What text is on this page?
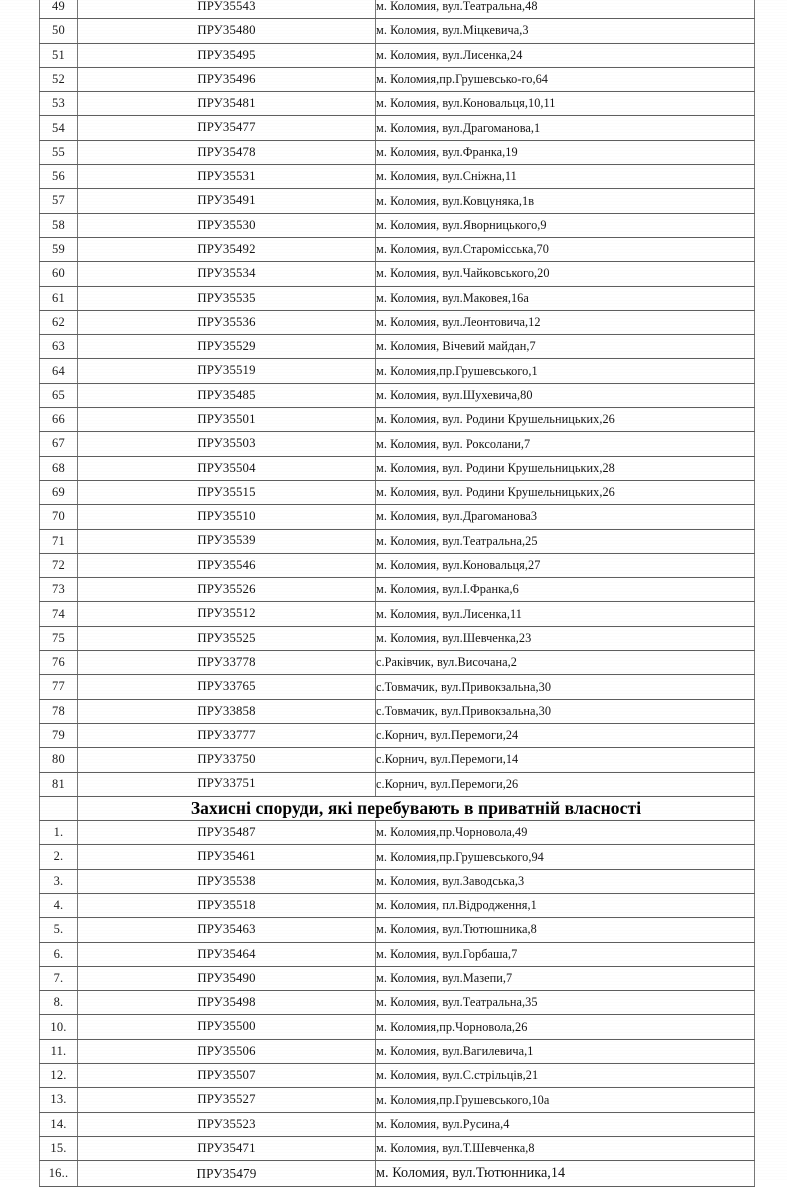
49	ПРУ35543	м. Коломия, вул.Театральна,48
50	ПРУ35480	м. Коломия, вул.Міцкевича,3
51	ПРУ35495	м. Коломия, вул.Лисенка,24
52	ПРУ35496	м. Коломия,пр.Грушевсько-го,64
53	ПРУ35481	м. Коломия, вул.Коновальця,10,11
54	ПРУ35477	м. Коломия, вул.Драгоманова,1
55	ПРУ35478	м. Коломия, вул.Франка,19
56	ПРУ35531	м. Коломия, вул.Сніжна,11
57	ПРУ35491	м. Коломия, вул.Ковцуняка,1в
58	ПРУ35530	м. Коломия, вул.Яворницького,9
59	ПРУ35492	м. Коломия, вул.Старомісська,70
60	ПРУ35534	м. Коломия, вул.Чайковського,20
61	ПРУ35535	м. Коломия, вул.Маковея,16а
62	ПРУ35536	м. Коломия, вул.Леонтовича,12
63	ПРУ35529	м. Коломия, Вічевий майдан,7
64	ПРУ35519	м. Коломия,пр.Грушевського,1
65	ПРУ35485	м. Коломия, вул.Шухевича,80
66	ПРУ35501	м. Коломия, вул. Родини Крушельницьких,26
67	ПРУ35503	м. Коломия, вул. Роксолани,7
68	ПРУ35504	м. Коломия, вул. Родини Крушельницьких,28
69	ПРУ35515	м. Коломия, вул. Родини Крушельницьких,26
70	ПРУ35510	м. Коломия, вул.Драгоманова3
71	ПРУ35539	м. Коломия, вул.Театральна,25
72	ПРУ35546	м. Коломия, вул.Коновальця,27
73	ПРУ35526	м. Коломия, вул.І.Франка,6
74	ПРУ35512	м. Коломия, вул.Лисенка,11
75	ПРУ35525	м. Коломия, вул.Шевченка,23
76	ПРУ33778	с.Раківчик, вул.Височана,2
77	ПРУ33765	с.Товмачик, вул.Привокзальна,30
78	ПРУ33858	с.Товмачик, вул.Привокзальна,30
79	ПРУ33777	с.Корнич, вул.Перемоги,24
80	ПРУ33750	с.Корнич, вул.Перемоги,14
81	ПРУ33751	с.Корнич, вул.Перемоги,26
	Захисні споруди, які перебувають в приватній власності	
1.	ПРУ35487	м. Коломия,пр.Чорновола,49
2.	ПРУ35461	м. Коломия,пр.Грушевського,94
3.	ПРУ35538	м. Коломия, вул.Заводська,3
4.	ПРУ35518	м. Коломия, пл.Відродження,1
5.	ПРУ35463	м. Коломия, вул.Тютюшника,8
6.	ПРУ35464	м. Коломия, вул.Горбаша,7
7.	ПРУ35490	м. Коломия, вул.Мазепи,7
8.	ПРУ35498	м. Коломия, вул.Театральна,35
10.	ПРУ35500	м. Коломия,пр.Чорновола,26
11.	ПРУ35506	м. Коломия, вул.Вагилевича,1
12.	ПРУ35507	м. Коломия, вул.С.стрільців,21
13.	ПРУ35527	м. Коломия,пр.Грушевського,10а
14.	ПРУ35523	м. Коломия, вул.Русина,4
15.	ПРУ35471	м. Коломия, вул.Т.Шевченка,8
16..	ПРУ35479	м. Коломия, вул.Тютюнника,14
